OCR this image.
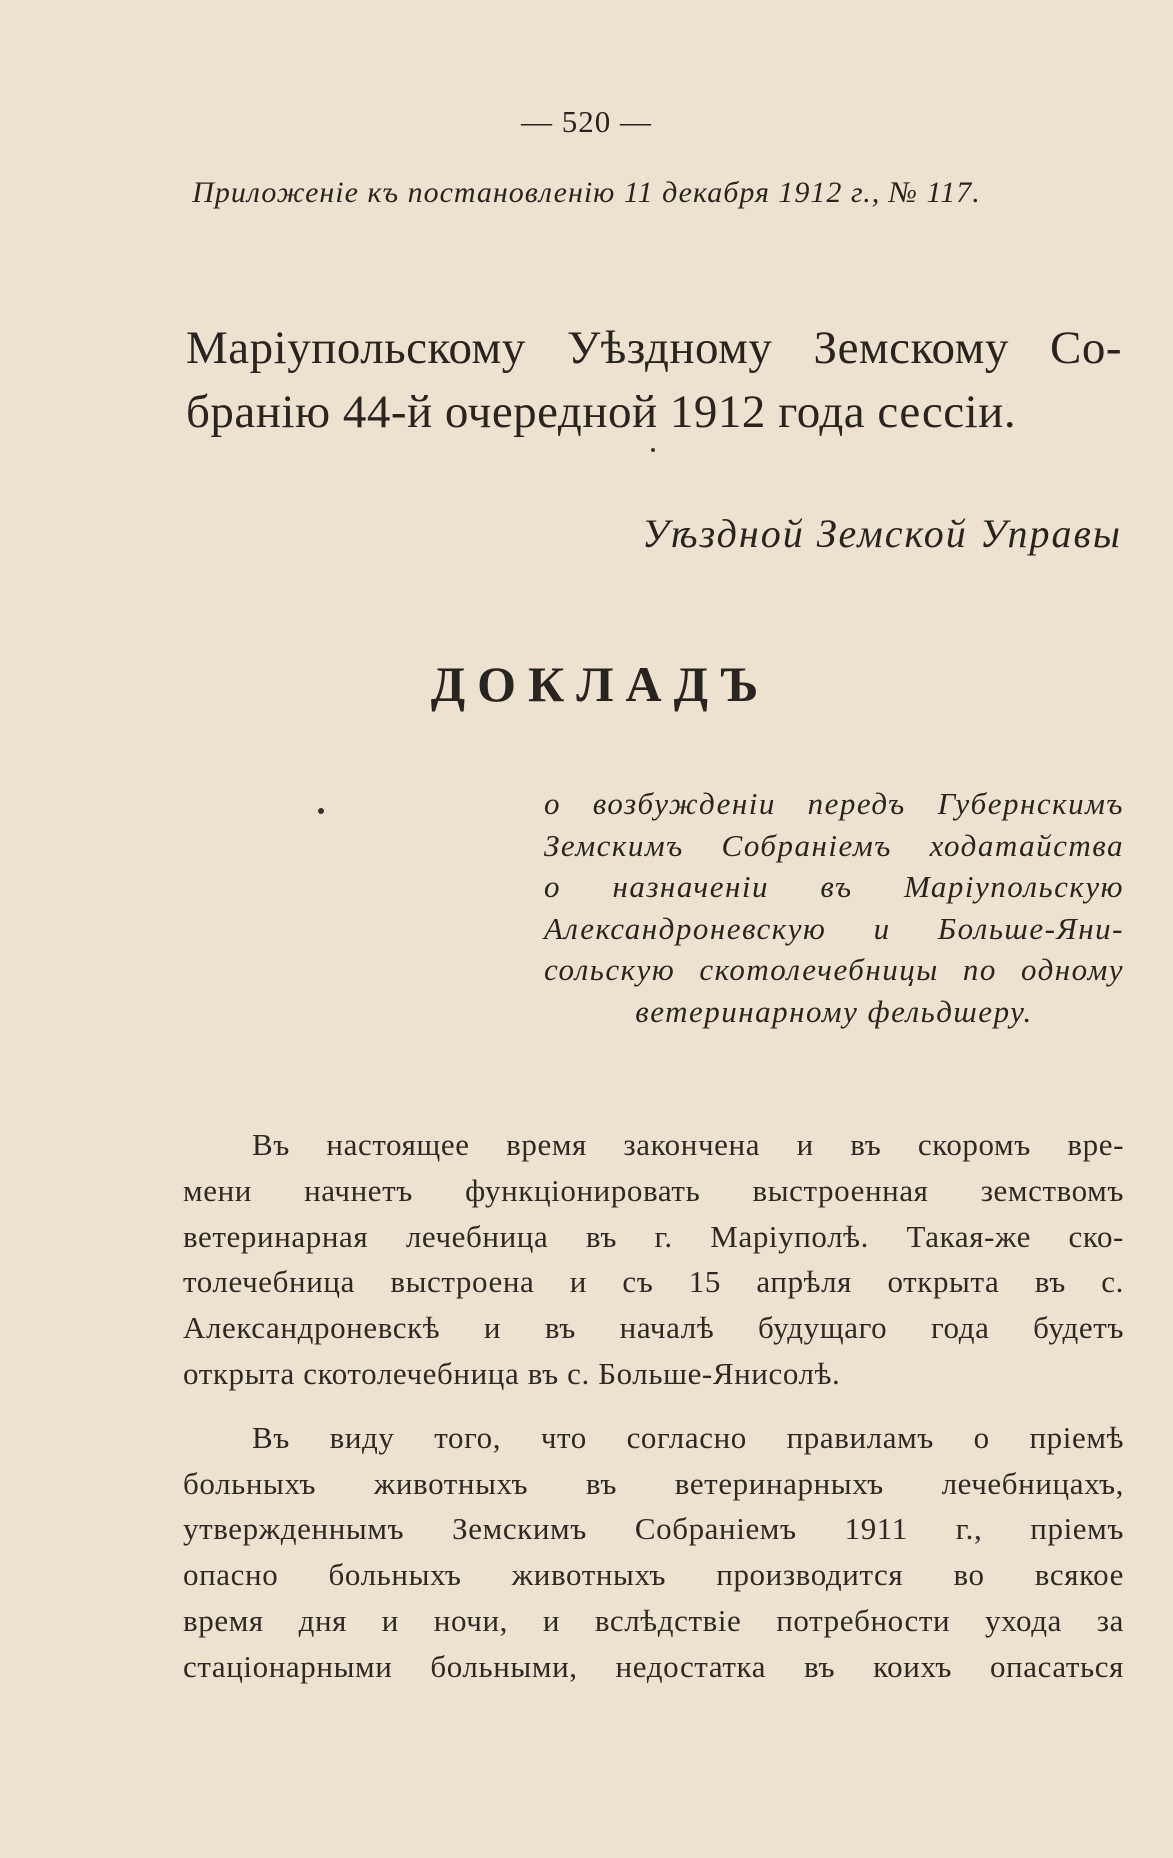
— 520 —
Приложенiе къ постановленiю 11 декабря 1912 г., № 117.
Марiупольскому Уѣздному Земскому Со-
бранiю 44-й очередной 1912 года сессiи.
Уѣздной Земской Управы
ДОКЛАДЪ
о возбужденiи передъ Губернскимъ
Земскимъ Собранiемъ ходатайства
о назначенiи въ Марiупольскую
Александроневскую и Больше-Яни-
сольскую скотолечебницы по одному
ветеринарному фельдшеру.
Въ настоящее время закончена и въ скоромъ вре-
мени начнетъ функцiонировать выстроенная земствомъ
ветеринарная лечебница въ г. Марiуполѣ. Такая-же ско-
толечебница выстроена и съ 15 апрѣля открыта въ с.
Александроневскѣ и въ началѣ будущаго года будетъ
открыта скотолечебница въ с. Больше-Янисолѣ.
Въ виду того, что согласно правиламъ о прiемѣ
больныхъ животныхъ въ ветеринарныхъ лечебницахъ,
утвержденнымъ Земскимъ Собранiемъ 1911 г., прiемъ
опасно больныхъ животныхъ производится во всякое
время дня и ночи, и вслѣдствiе потребности ухода за
стацiонарными больными, недостатка въ коихъ опасаться
